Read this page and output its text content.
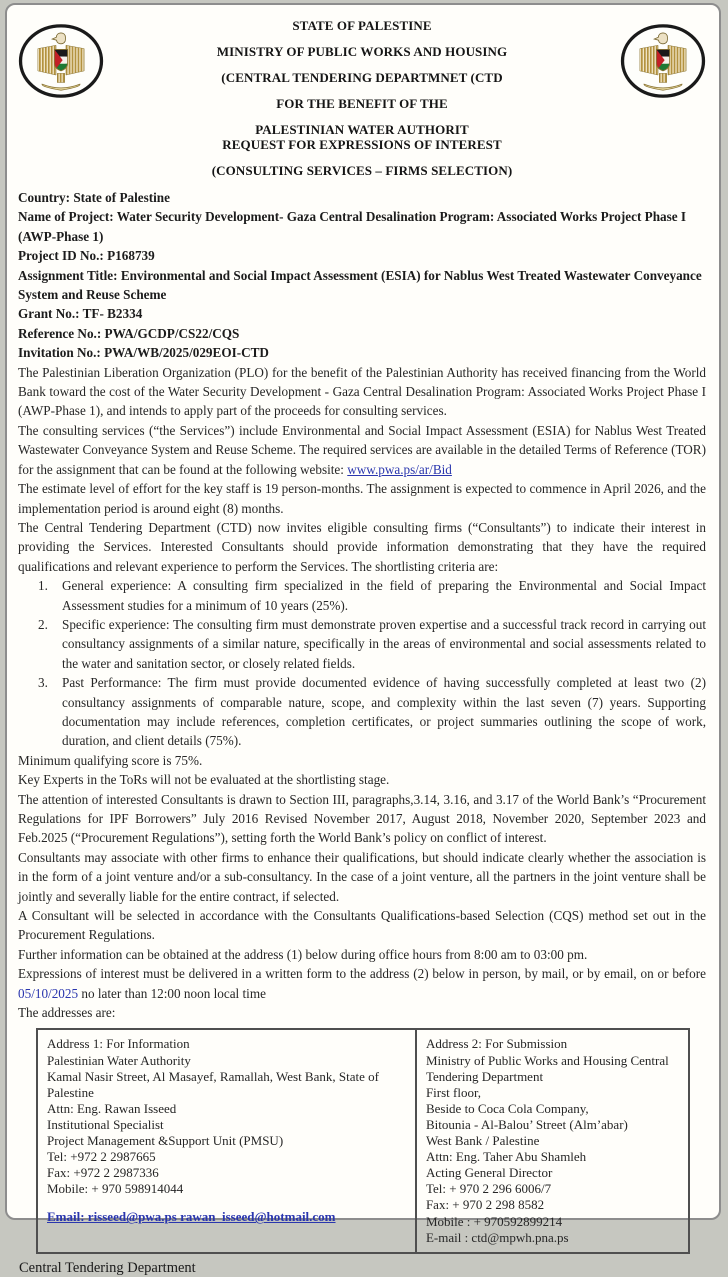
STATE OF PALESTINE

MINISTRY OF PUBLIC WORKS AND HOUSING

(CENTRAL TENDERING DEPARTMNET (CTD

FOR THE BENEFIT OF THE

PALESTINIAN WATER AUTHORIT

REQUEST FOR EXPRESSIONS OF INTEREST

(CONSULTING SERVICES – FIRMS SELECTION)

Country: State of Palestine

Name of Project: Water Security Development- Gaza Central Desalination Program: Associated Works Project Phase I (AWP-Phase 1)

Project ID No.: P168739

Assignment Title: Environmental and Social Impact Assessment (ESIA) for Nablus West Treated Wastewater Conveyance System and Reuse Scheme

Grant No.: TF- B2334

Reference No.: PWA/GCDP/CS22/CQS

Invitation No.: PWA/WB/2025/029EOI-CTD

The Palestinian Liberation Organization (PLO) for the benefit of the Palestinian Authority has received financing from the World Bank toward the cost of the Water Security Development - Gaza Central Desalination Program: Associated Works Project Phase I (AWP-Phase 1), and intends to apply part of the proceeds for consulting services.

The consulting services (“the Services”) include Environmental and Social Impact Assessment (ESIA) for Nablus West Treated Wastewater Conveyance System and Reuse Scheme. The required services are available in the detailed Terms of Reference (TOR) for the assignment that can be found at the following website: www.pwa.ps/ar/Bid

The estimate level of effort for the key staff is 19 person-months. The assignment is expected to commence in April 2026, and the implementation period is around eight (8) months.

The Central Tendering Department (CTD) now invites eligible consulting firms (“Consultants”) to indicate their interest in providing the Services. Interested Consultants should provide information demonstrating that they have the required qualifications and relevant experience to perform the Services. The shortlisting criteria are:

1.	General experience: A consulting firm specialized in the field of preparing the Environmental and Social Impact Assessment studies for a minimum of 10 years (25%).
2.	Specific experience: The consulting firm must demonstrate proven expertise and a successful track record in carrying out consultancy assignments of a similar nature, specifically in the areas of environmental and social assessments related to the water and sanitation sector, or closely related fields.
3.	Past Performance: The firm must provide documented evidence of having successfully completed at least two (2) consultancy assignments of comparable nature, scope, and complexity within the last seven (7) years. Supporting documentation may include references, completion certificates, or project summaries outlining the scope of work, duration, and client details (75%).

Minimum qualifying score is 75%.

Key Experts in the ToRs will not be evaluated at the shortlisting stage.

The attention of interested Consultants is drawn to Section III, paragraphs,3.14, 3.16, and 3.17 of the World Bank’s “Procurement Regulations for IPF Borrowers” July 2016 Revised November 2017, August 2018, November 2020, September 2023 and Feb.2025 (“Procurement Regulations”), setting forth the World Bank’s policy on conflict of interest.

Consultants may associate with other firms to enhance their qualifications, but should indicate clearly whether the association is in the form of a joint venture and/or a sub-consultancy. In the case of a joint venture, all the partners in the joint venture shall be jointly and severally liable for the entire contract, if selected.

A Consultant will be selected in accordance with the Consultants Qualifications-based Selection (CQS) method set out in the Procurement Regulations.

Further information can be obtained at the address (1) below during office hours from 8:00 am to 03:00 pm.

Expressions of interest must be delivered in a written form to the address (2) below in person, by mail, or by email, on or before 05/10/2025 no later than 12:00 noon local time

The addresses are:

Address 1: For Information

Palestinian Water Authority

Kamal Nasir Street, Al Masayef, Ramallah, West Bank, State of Palestine

Attn: Eng. Rawan Isseed

Institutional Specialist

Project Management &Support Unit (PMSU)

Tel: +972 2 2987665

Fax: +972 2 2987336

Mobile: + 970 598914044

Email: risseed@pwa.ps rawan_isseed@hotmail.com

Address 2: For Submission

Ministry of Public Works and Housing Central Tendering Department

First floor,

Beside to Coca Cola Company,

Bitounia - Al-Balou’ Street (Alm’abar)

West Bank / Palestine

Attn: Eng. Taher Abu Shamleh

Acting General Director

Tel: + 970 2 296 6006/7

Fax: + 970 2 298 8582

Mobile : + 970592899214

E-mail : ctd@mpwh.pna.ps

Central Tendering Department
